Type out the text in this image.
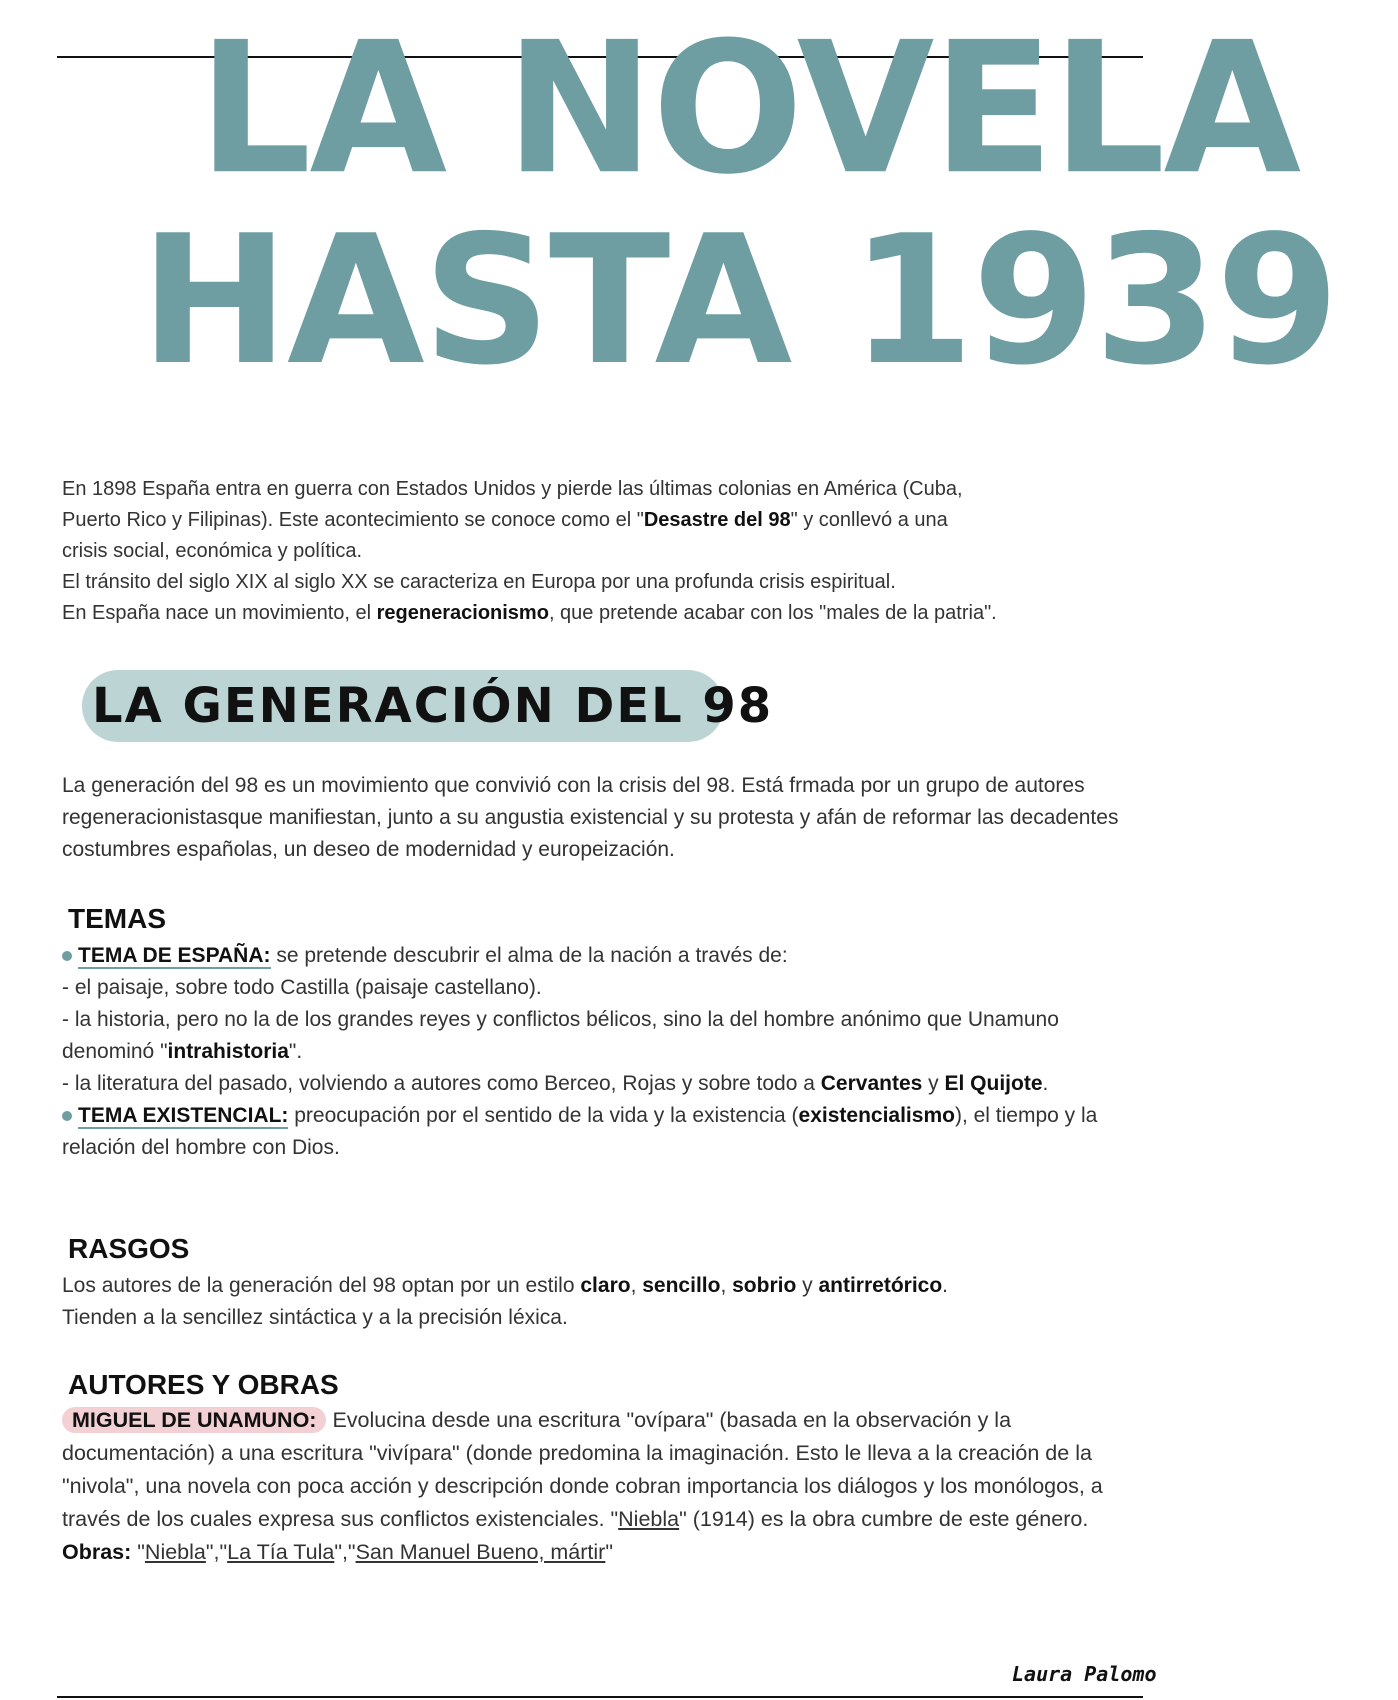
LA NOVELA
HASTA 1939
En 1898 España entra en guerra con Estados Unidos y pierde las últimas colonias en América (Cuba,
Puerto Rico y Filipinas). Este acontecimiento se conoce como el "Desastre del 98" y conllevó a una
crisis social, económica y política.
El tránsito del siglo XIX al siglo XX se caracteriza en Europa por una profunda crisis espiritual.
En España nace un movimiento, el regeneracionismo, que pretende acabar con los "males de la patria".
LA GENERACIÓN DEL 98
La generación del 98 es un movimiento que convivió con la crisis del 98. Está frmada por un grupo de autores regeneracionistasque manifiestan, junto a su angustia existencial y su protesta y afán de reformar las decadentes costumbres españolas, un deseo de modernidad y europeización.
TEMAS
TEMA DE ESPAÑA: se pretende descubrir el alma de la nación a través de:
- el paisaje, sobre todo Castilla (paisaje castellano).
- la historia, pero no la de los grandes reyes y conflictos bélicos, sino la del hombre anónimo que Unamuno denominó "intrahistoria".
- la literatura del pasado, volviendo a autores como Berceo, Rojas y sobre todo a Cervantes y El Quijote.
TEMA EXISTENCIAL: preocupación por el sentido de la vida y la existencia (existencialismo), el tiempo y la relación del hombre con Dios.
RASGOS
Los autores de la generación del 98 optan por un estilo claro, sencillo, sobrio y antirretórico.
Tienden a la sencillez sintáctica y a la precisión léxica.
AUTORES Y OBRAS
MIGUEL DE UNAMUNO: Evolucina desde una escritura "ovípara" (basada en la observación y la documentación) a una escritura "vivípara" (donde predomina la imaginación. Esto le lleva a la creación de la "nivola", una novela con poca acción y descripción donde cobran importancia los diálogos y los monólogos, a través de los cuales expresa sus conflictos existenciales. "Niebla" (1914) es la obra cumbre de este género.
Obras: "Niebla","La Tía Tula","San Manuel Bueno, mártir"
Laura Palomo
